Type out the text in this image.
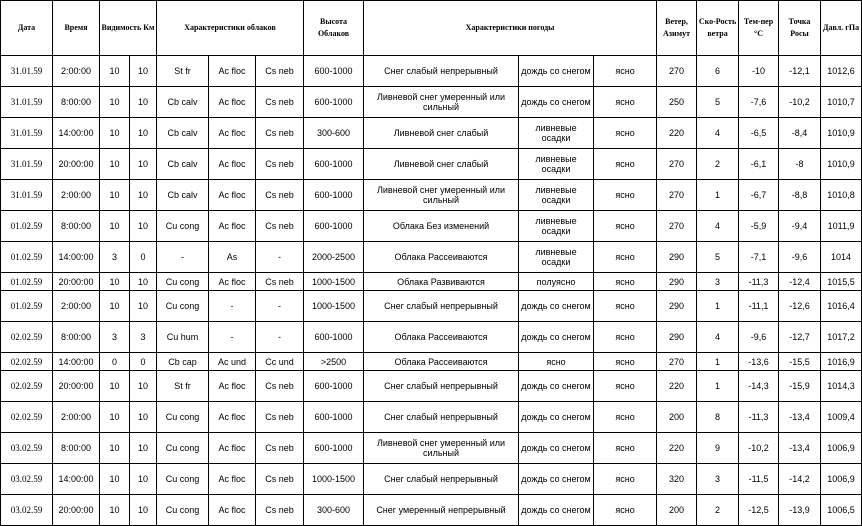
Дата	Время	Видимость Км		Характеристики облаков			Высота Облаков	Характеристики погоды			Ветер, Азимут	Ско-Рость ветра	Тем-пер °С	Точка Росы	Давл. гПа
31.01.59	2:00:00	10	10	St fr	Ac floc	Cs neb	600-1000	Снег слабый непрерывный	дождь со снегом	ясно	270	6	-10	-12,1	1012,6
31.01.59	8:00:00	10	10	Cb calv	Ac floc	Cs neb	600-1000	Ливневой снег умеренный или сильный	дождь со снегом	ясно	250	5	-7,6	-10,2	1010,7
31.01.59	14:00:00	10	10	Cb calv	Ac floc	Cs neb	300-600	Ливневой снег слабый	ливневые осадки	ясно	220	4	-6,5	-8,4	1010,9
31.01.59	20:00:00	10	10	Cb calv	Ac floc	Cs neb	600-1000	Ливневой снег слабый	ливневые осадки	ясно	270	2	-6,1	-8	1010,9
31.01.59	2:00:00	10	10	Cb calv	Ac floc	Cs neb	600-1000	Ливневой снег умеренный или сильный	ливневые осадки	ясно	270	1	-6,7	-8,8	1010,8
01.02.59	8:00:00	10	10	Cu cong	Ac floc	Cs neb	600-1000	Облака Без изменений	ливневые осадки	ясно	270	4	-5,9	-9,4	1011,9
01.02.59	14:00:00	3	0	-	As	-	2000-2500	Облака Рассеиваются	ливневые осадки	ясно	290	5	-7,1	-9,6	1014
01.02.59	20:00:00	10	10	Cu cong	Ac floc	Cs neb	1000-1500	Облака Развиваются	полуясно	ясно	290	3	-11,3	-12,4	1015,5
01.02.59	2:00:00	10	10	Cu cong	-	-	1000-1500	Снег слабый непрерывный	дождь со снегом	ясно	290	1	-11,1	-12,6	1016,4
02.02.59	8:00:00	3	3	Cu hum	-	-	600-1000	Облака Рассеиваются	дождь со снегом	ясно	290	4	-9,6	-12,7	1017,2
02.02.59	14:00:00	0	0	Cb cap	Ac und	Cc und	>2500	Облака Рассеиваются	ясно	ясно	270	1	-13,6	-15,5	1016,9
02.02.59	20:00:00	10	10	St fr	Ac floc	Cs neb	600-1000	Снег слабый непрерывный	дождь со снегом	ясно	220	1	-14,3	-15,9	1014,3
02.02.59	2:00:00	10	10	Cu cong	Ac floc	Cs neb	600-1000	Снег слабый непрерывный	дождь со снегом	ясно	200	8	-11,3	-13,4	1009,4
03.02.59	8:00:00	10	10	Cu cong	Ac floc	Cs neb	600-1000	Ливневой снег умеренный или сильный	дождь со снегом	ясно	220	9	-10,2	-13,4	1006,9
03.02.59	14:00:00	10	10	Cu cong	Ac floc	Cs neb	1000-1500	Снег слабый непрерывный	дождь со снегом	ясно	320	3	-11,5	-14,2	1006,9
03.02.59	20:00:00	10	10	Cu cong	Ac floc	Cs neb	300-600	Снег умеренный непрерывный	дождь со снегом	ясно	200	2	-12,5	-13,9	1006,5
